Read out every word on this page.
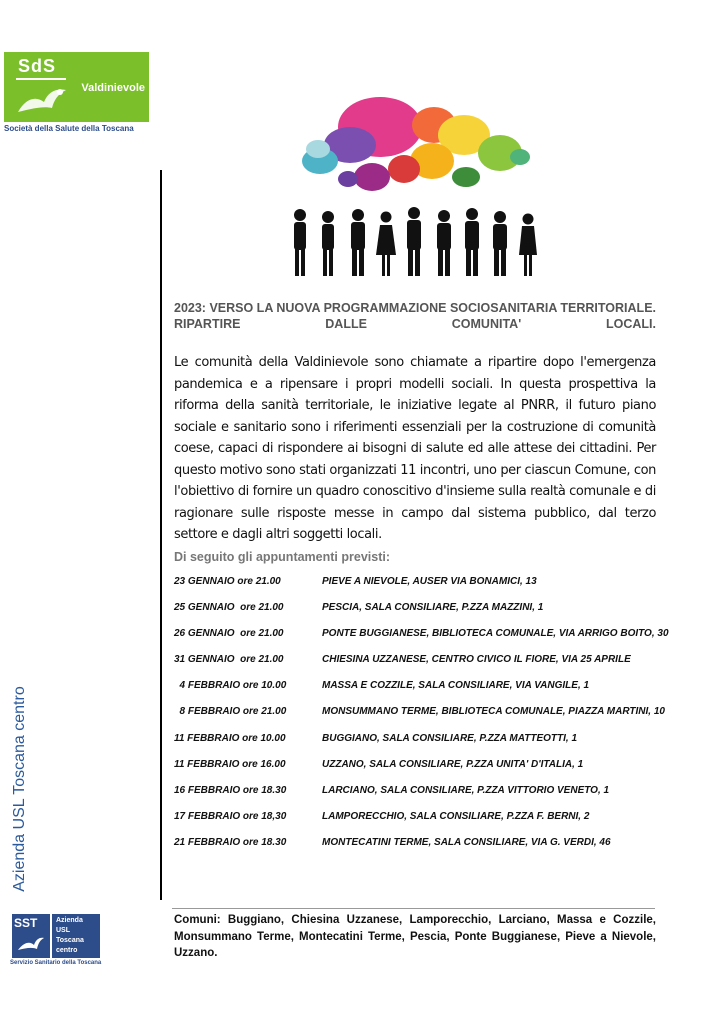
SdS
Valdinievole
Società della Salute della Toscana
Azienda USL Toscana centro
SST	Azienda
USL
Toscana
centro
Servizio Sanitario della Toscana
2023: VERSO LA NUOVA PROGRAMMAZIONE SOCIOSANITARIA TERRITORIALE. RIPARTIRE DALLE COMUNITA' LOCALI.
Le comunità della Valdinievole sono chiamate a ripartire dopo l'emergenza pandemica e a ripensare i propri modelli sociali. In questa prospettiva la riforma della sanità territoriale, le iniziative legate al PNRR, il futuro piano sociale e sanitario sono i riferimenti essenziali per la costruzione di comunità coese, capaci di rispondere ai bisogni di salute ed alle attese dei cittadini. Per questo motivo sono stati organizzati 11 incontri, uno per ciascun Comune, con l'obiettivo di fornire un quadro conoscitivo d'insieme sulla realtà comunale e di ragionare sulle risposte messe in campo dal sistema pubblico, dal terzo settore e dagli altri soggetti locali.
Di seguito gli appuntamenti previsti:
23 GENNAIO ore 21.00	PIEVE A NIEVOLE, AUSER VIA BONAMICI, 13
25 GENNAIO  ore 21.00	PESCIA, SALA CONSILIARE, P.ZZA MAZZINI, 1
26 GENNAIO  ore 21.00	PONTE BUGGIANESE, BIBLIOTECA COMUNALE, VIA ARRIGO BOITO, 30
31 GENNAIO  ore 21.00	CHIESINA UZZANESE, CENTRO CIVICO IL FIORE, VIA 25 APRILE
4 FEBBRAIO ore 10.00	MASSA E COZZILE, SALA CONSILIARE, VIA VANGILE, 1
8 FEBBRAIO ore 21.00	MONSUMMANO TERME, BIBLIOTECA COMUNALE, PIAZZA MARTINI, 10
11 FEBBRAIO ore 10.00	BUGGIANO, SALA CONSILIARE, P.ZZA MATTEOTTI, 1
11 FEBBRAIO ore 16.00	UZZANO, SALA CONSILIARE, P.ZZA UNITA' D'ITALIA, 1
16 FEBBRAIO ore 18.30	LARCIANO, SALA CONSILIARE, P.ZZA VITTORIO VENETO, 1
17 FEBBRAIO ore 18,30	LAMPORECCHIO, SALA CONSILIARE, P.ZZA F. BERNI, 2
21 FEBBRAIO ore 18.30	MONTECATINI TERME, SALA CONSILIARE, VIA G. VERDI, 46
Comuni: Buggiano, Chiesina Uzzanese, Lamporecchio, Larciano, Massa e Cozzile, Monsummano Terme, Montecatini Terme, Pescia, Ponte Buggianese, Pieve a Nievole, Uzzano.
